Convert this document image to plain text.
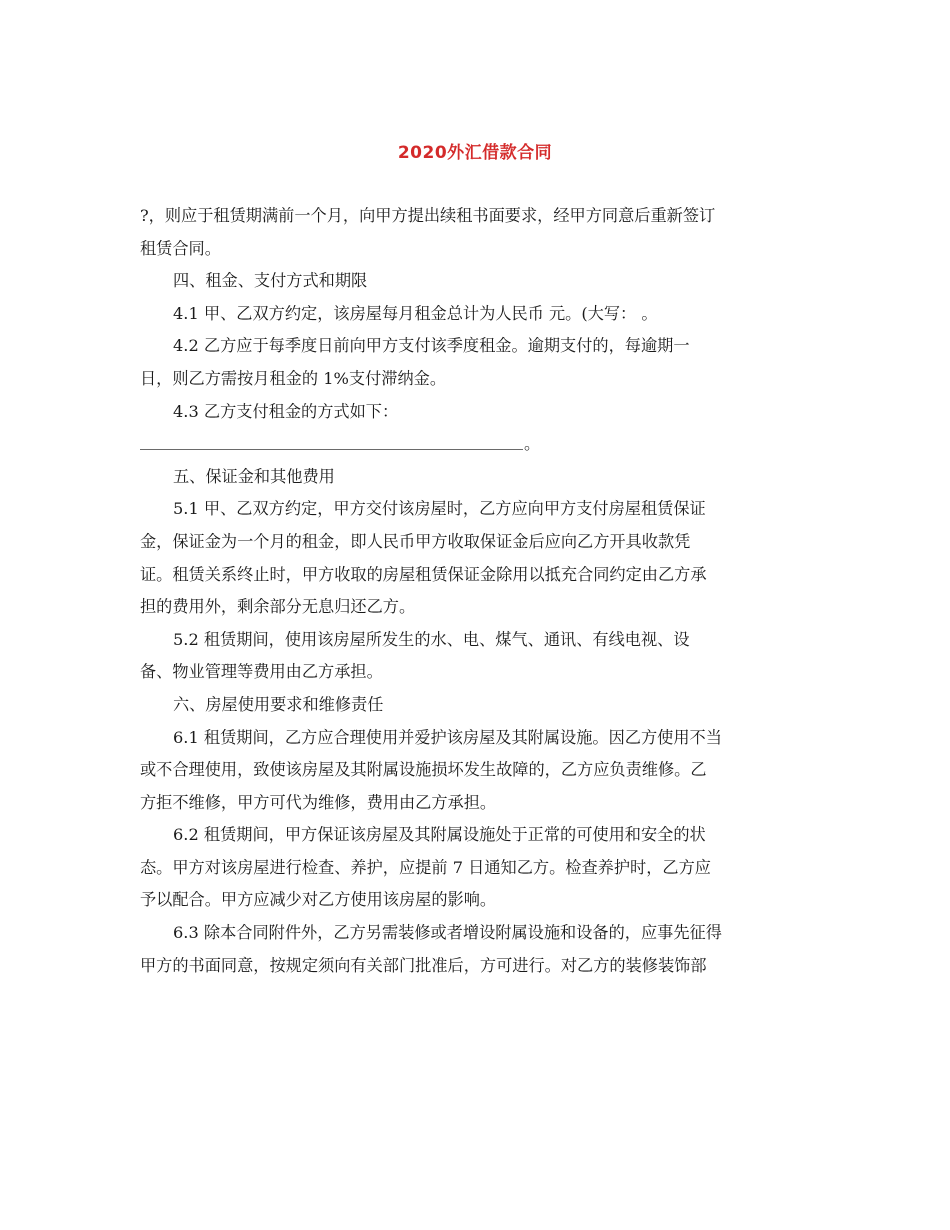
2020外汇借款合同

?，则应于租赁期满前一个月，向甲方提出续租书面要求，经甲方同意后重新签订

租赁合同。

四、租金、支付方式和期限

4.1 甲、乙双方约定，该房屋每月租金总计为人民币 元。(大写： 。

4.2 乙方应于每季度日前向甲方支付该季度租金。逾期支付的，每逾期一

日，则乙方需按月租金的 1%支付滞纳金。

4.3 乙方支付租金的方式如下：

。

五、保证金和其他费用

5.1 甲、乙双方约定，甲方交付该房屋时，乙方应向甲方支付房屋租赁保证

金，保证金为一个月的租金，即人民币甲方收取保证金后应向乙方开具收款凭

证。租赁关系终止时，甲方收取的房屋租赁保证金除用以抵充合同约定由乙方承

担的费用外，剩余部分无息归还乙方。

5.2 租赁期间，使用该房屋所发生的水、电、煤气、通讯、有线电视、设

备、物业管理等费用由乙方承担。

六、房屋使用要求和维修责任

6.1 租赁期间，乙方应合理使用并爱护该房屋及其附属设施。因乙方使用不当

或不合理使用，致使该房屋及其附属设施损坏发生故障的，乙方应负责维修。乙

方拒不维修，甲方可代为维修，费用由乙方承担。

6.2 租赁期间，甲方保证该房屋及其附属设施处于正常的可使用和安全的状

态。甲方对该房屋进行检查、养护，应提前 7 日通知乙方。检查养护时，乙方应

予以配合。甲方应减少对乙方使用该房屋的影响。

6.3 除本合同附件外，乙方另需装修或者增设附属设施和设备的，应事先征得

甲方的书面同意，按规定须向有关部门批准后，方可进行。对乙方的装修装饰部
